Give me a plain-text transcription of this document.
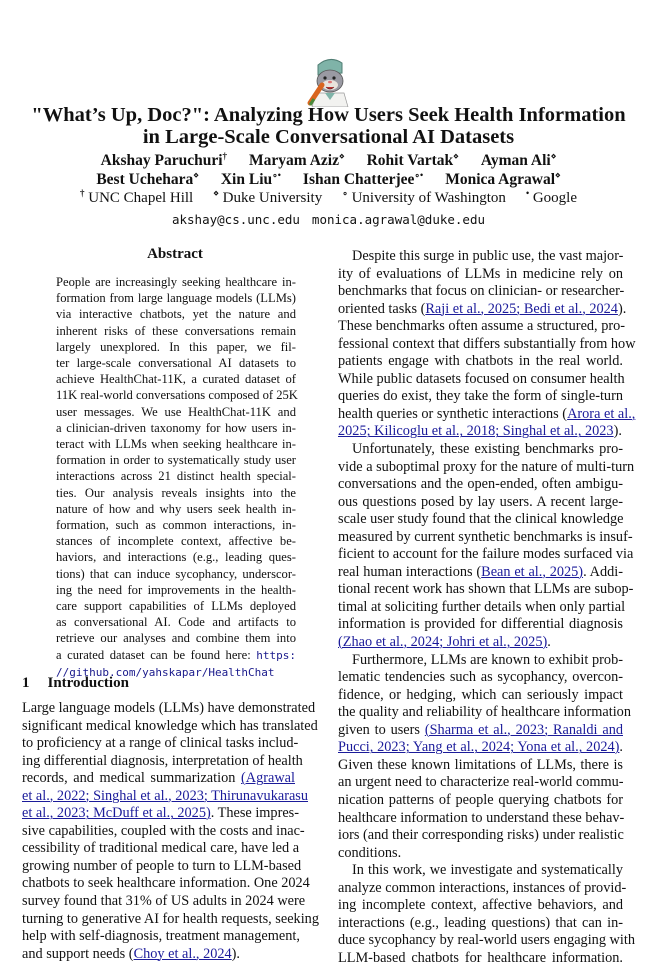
"What’s Up, Doc?": Analyzing How Users Seek Health Information
in Large-Scale Conversational AI Datasets
Akshay Paruchuri† Maryam Aziz⋄ Rohit Vartak⋄ Ayman Ali⋄
Best Uchehara⋄ Xin Liu∘• Ishan Chatterjee∘• Monica Agrawal⋄
† UNC Chapel Hill ⋄ Duke University ∘ University of Washington • Google
akshay@cs.unc.edu monica.agrawal@duke.edu
Abstract
People are increasingly seeking healthcare in-
formation from large language models (LLMs)
via interactive chatbots, yet the nature and
inherent risks of these conversations remain
largely unexplored. In this paper, we fil-
ter large-scale conversational AI datasets to
achieve HealthChat-11K, a curated dataset of
11K real-world conversations composed of 25K
user messages. We use HealthChat-11K and
a clinician-driven taxonomy for how users in-
teract with LLMs when seeking healthcare in-
formation in order to systematically study user
interactions across 21 distinct health special-
ties. Our analysis reveals insights into the
nature of how and why users seek health in-
formation, such as common interactions, in-
stances of incomplete context, affective be-
haviors, and interactions (e.g., leading ques-
tions) that can induce sycophancy, underscor-
ing the need for improvements in the health-
care support capabilities of LLMs deployed
as conversational AI. Code and artifacts to
retrieve our analyses and combine them into
a curated dataset can be found here: https:
//github.com/yahskapar/HealthChat
1 Introduction
Large language models (LLMs) have demonstrated
significant medical knowledge which has translated
to proficiency at a range of clinical tasks includ-
ing differential diagnosis, interpretation of health
records, and medical summarization (Agrawal
et al., 2022; Singhal et al., 2023; Thirunavukarasu
et al., 2023; McDuff et al., 2025). These impres-
sive capabilities, coupled with the costs and inac-
cessibility of traditional medical care, have led a
growing number of people to turn to LLM-based
chatbots to seek healthcare information. One 2024
survey found that 31% of US adults in 2024 were
turning to generative AI for health requests, seeking
help with self-diagnosis, treatment management,
and support needs (Choy et al., 2024).
Despite this surge in public use, the vast major-
ity of evaluations of LLMs in medicine rely on
benchmarks that focus on clinician- or researcher-
oriented tasks (Raji et al., 2025; Bedi et al., 2024).
These benchmarks often assume a structured, pro-
fessional context that differs substantially from how
patients engage with chatbots in the real world.
While public datasets focused on consumer health
queries do exist, they take the form of single-turn
health queries or synthetic interactions (Arora et al.,
2025; Kilicoglu et al., 2018; Singhal et al., 2023).
Unfortunately, these existing benchmarks pro-
vide a suboptimal proxy for the nature of multi-turn
conversations and the open-ended, often ambigu-
ous questions posed by lay users. A recent large-
scale user study found that the clinical knowledge
measured by current synthetic benchmarks is insuf-
ficient to account for the failure modes surfaced via
real human interactions (Bean et al., 2025). Addi-
tional recent work has shown that LLMs are subop-
timal at soliciting further details when only partial
information is provided for differential diagnosis
(Zhao et al., 2024; Johri et al., 2025).
Furthermore, LLMs are known to exhibit prob-
lematic tendencies such as sycophancy, overcon-
fidence, or hedging, which can seriously impact
the quality and reliability of healthcare information
given to users (Sharma et al., 2023; Ranaldi and
Pucci, 2023; Yang et al., 2024; Yona et al., 2024).
Given these known limitations of LLMs, there is
an urgent need to characterize real-world commu-
nication patterns of people querying chatbots for
healthcare information to understand these behav-
iors (and their corresponding risks) under realistic
conditions.
In this work, we investigate and systematically
analyze common interactions, instances of provid-
ing incomplete context, affective behaviors, and
interactions (e.g., leading questions) that can in-
duce sycophancy by real-world users engaging with
LLM-based chatbots for healthcare information.
